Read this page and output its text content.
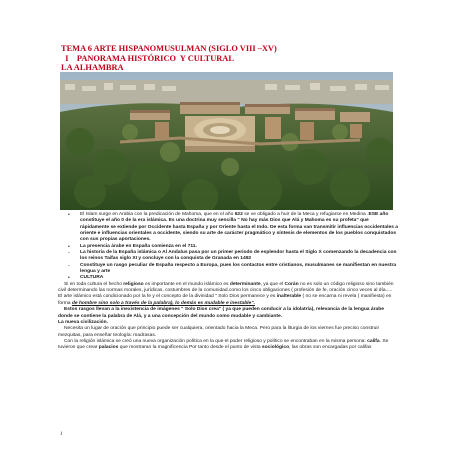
TEMA 6 ARTE HISPANOMUSULMAN (SIGLO VIII –XV)
I    PANORAMA HISTÓRICO  Y CULTURAL
LA ALHAMBRA
• El Islam surge en Arabia con la predicación de Mahoma, que en el año 622 se ve obligado a huir de la Meca y refugiarse en Medina .ESE año constituye el año 0 de la era islámica. Es una doctrina muy sencilla " No hay más Dios que Alá y Mahoma es su profeta" que rápidamente se extiende por Occidente hasta España y por Oriente hasta el Indo. De esta forma van transmitir influencias occidentales a oriente e influencias orientales a occidente, siendo su arte de carácter pragmático y síntesis de elementos de los pueblos conquistados con sus propias aportaciones.
• La presencia árabe en España comienza en el 711.
- La historia de la España islámica o Al Andalus pasa por un primer periodo de esplendor hasta el Siglo X comenzando la decadencia con los reinos Taifas siglo XI y concluye con la conquista de Granada en 1492
- Constituye un rasgo peculiar de España respecto a Europa, pues los contactos entre cristianos, musulmanes se manifiestan en nuestra lengua y arte
• CULTURA

Si en toda cultura el hecho religioso es importante en el mundo islámico es determinante, ya que el Corán no es solo un código religioso sino también civil determinando las normas morales, jurídicas, costumbres de la comunidad.como los cinco obligaciones ( profesión de fe, oración cinco veces al día.....

El arte islámico está condicionado por la fe y el concepto de la divinidad " Solo Dios permanece y es inalterable ( no se encarna ni revela ( manifiesta) en forma de hombre sino solo a través de la palabra), lo demás es mudable e inestable".

Estos rasgos llevan a la inexistencia de imágenes " Solo Dios crea" ( ya que pueden conducir a la idolatría), relevancia de la lengua árabe donde se contiene la palabra de Alá, y a una concepción del mundo como mudable y cambiante.

La nueva civilización.

Necesita un lugar de oración que principio puede ser cualquiera, orientado hacia la Meca. Pero para la liturgia de los viernes fue preciso construir mezquitas, para enseñar teología: madrasas.

Con la religión islámica se creó una nueva organización política en la que el poder religioso y político se encontraban en la misma persona: califa. Se tuvieron que crear palacios que mostraran la magnificencia Por tanto desde el punto de vista sociológico, las obras son encargadas por califas

1
